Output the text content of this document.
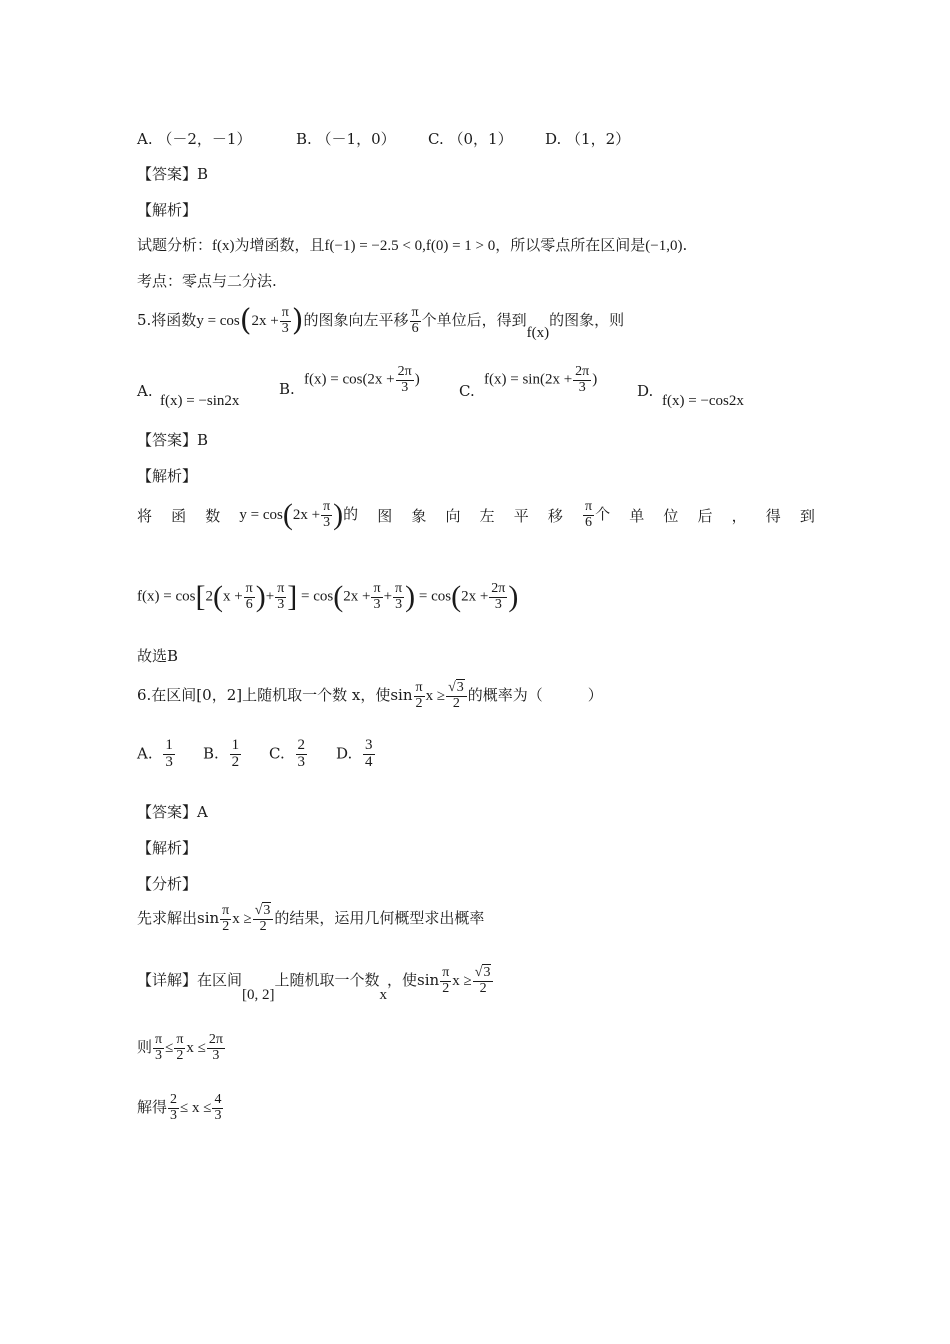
A. （－2，－1）	B. （－1，0） C. （0，1） D. （1，2）
【答案】B
【解析】
试题分析：f(x)为增函数，且f(−1) = −2.5 < 0,f(0) = 1 > 0，所以零点所在区间是(−1,0).
考点：零点与二分法.
5.将函数$y = \cos(2x + \frac{\pi}{3}$ )的图象向左平移 $\frac{\pi}{6}$ 个单位后，得到f(x)的图象，则
A.
f(x) = −sin2x
B.
$f(x) = \cos(2x + \frac{2\pi}{3}$ )
C.
$f(x) = \sin(2x + \frac{2\pi}{3}$ )
D.
f(x) = −cos2x
【答案】B
【解析】
将 函 数 $y = \cos(2x + \frac{\pi}{3}$ )的 图 象 向 左 平 移 $\frac{\pi}{6}$ 个 单 位 后 ， 得 到
$f(x) = \cos[2(x + \frac{\pi}{6}$ )+ $\frac{\pi}{3}$ ] = $\cos(2x + \frac{\pi}{3} + \frac{\pi}{3}$ ) = $\cos(2x + \frac{2\pi}{3}$ )
故选B
6.在区间[0，2]上随机取一个数 x，使$\sin \frac{\pi}{2}$ $x \ge \frac{√3}{2}$ 的概率为（　　　）
A. $\frac{1}{3} B$. $\frac{1}{2} C$. $\frac{2}{3} D$. $\frac{3}{4}$
【答案】A
【解析】
【分析】
先求解出$\sin \frac{\pi}{2}$ $x \ge \frac{√3}{2}$ 的结果，运用几何概型求出概率
【详解】在区间[0, 2]上随机取一个数x，使$\sin \frac{\pi}{2}$ $x \ge \frac{√3}{2}$
则 $\frac{\pi}{3} \le \frac{\pi}{2}$ $x \le \frac{2\pi}{3}$
解得 $\frac{2}{3} \le x \le \frac{4}{3}$
